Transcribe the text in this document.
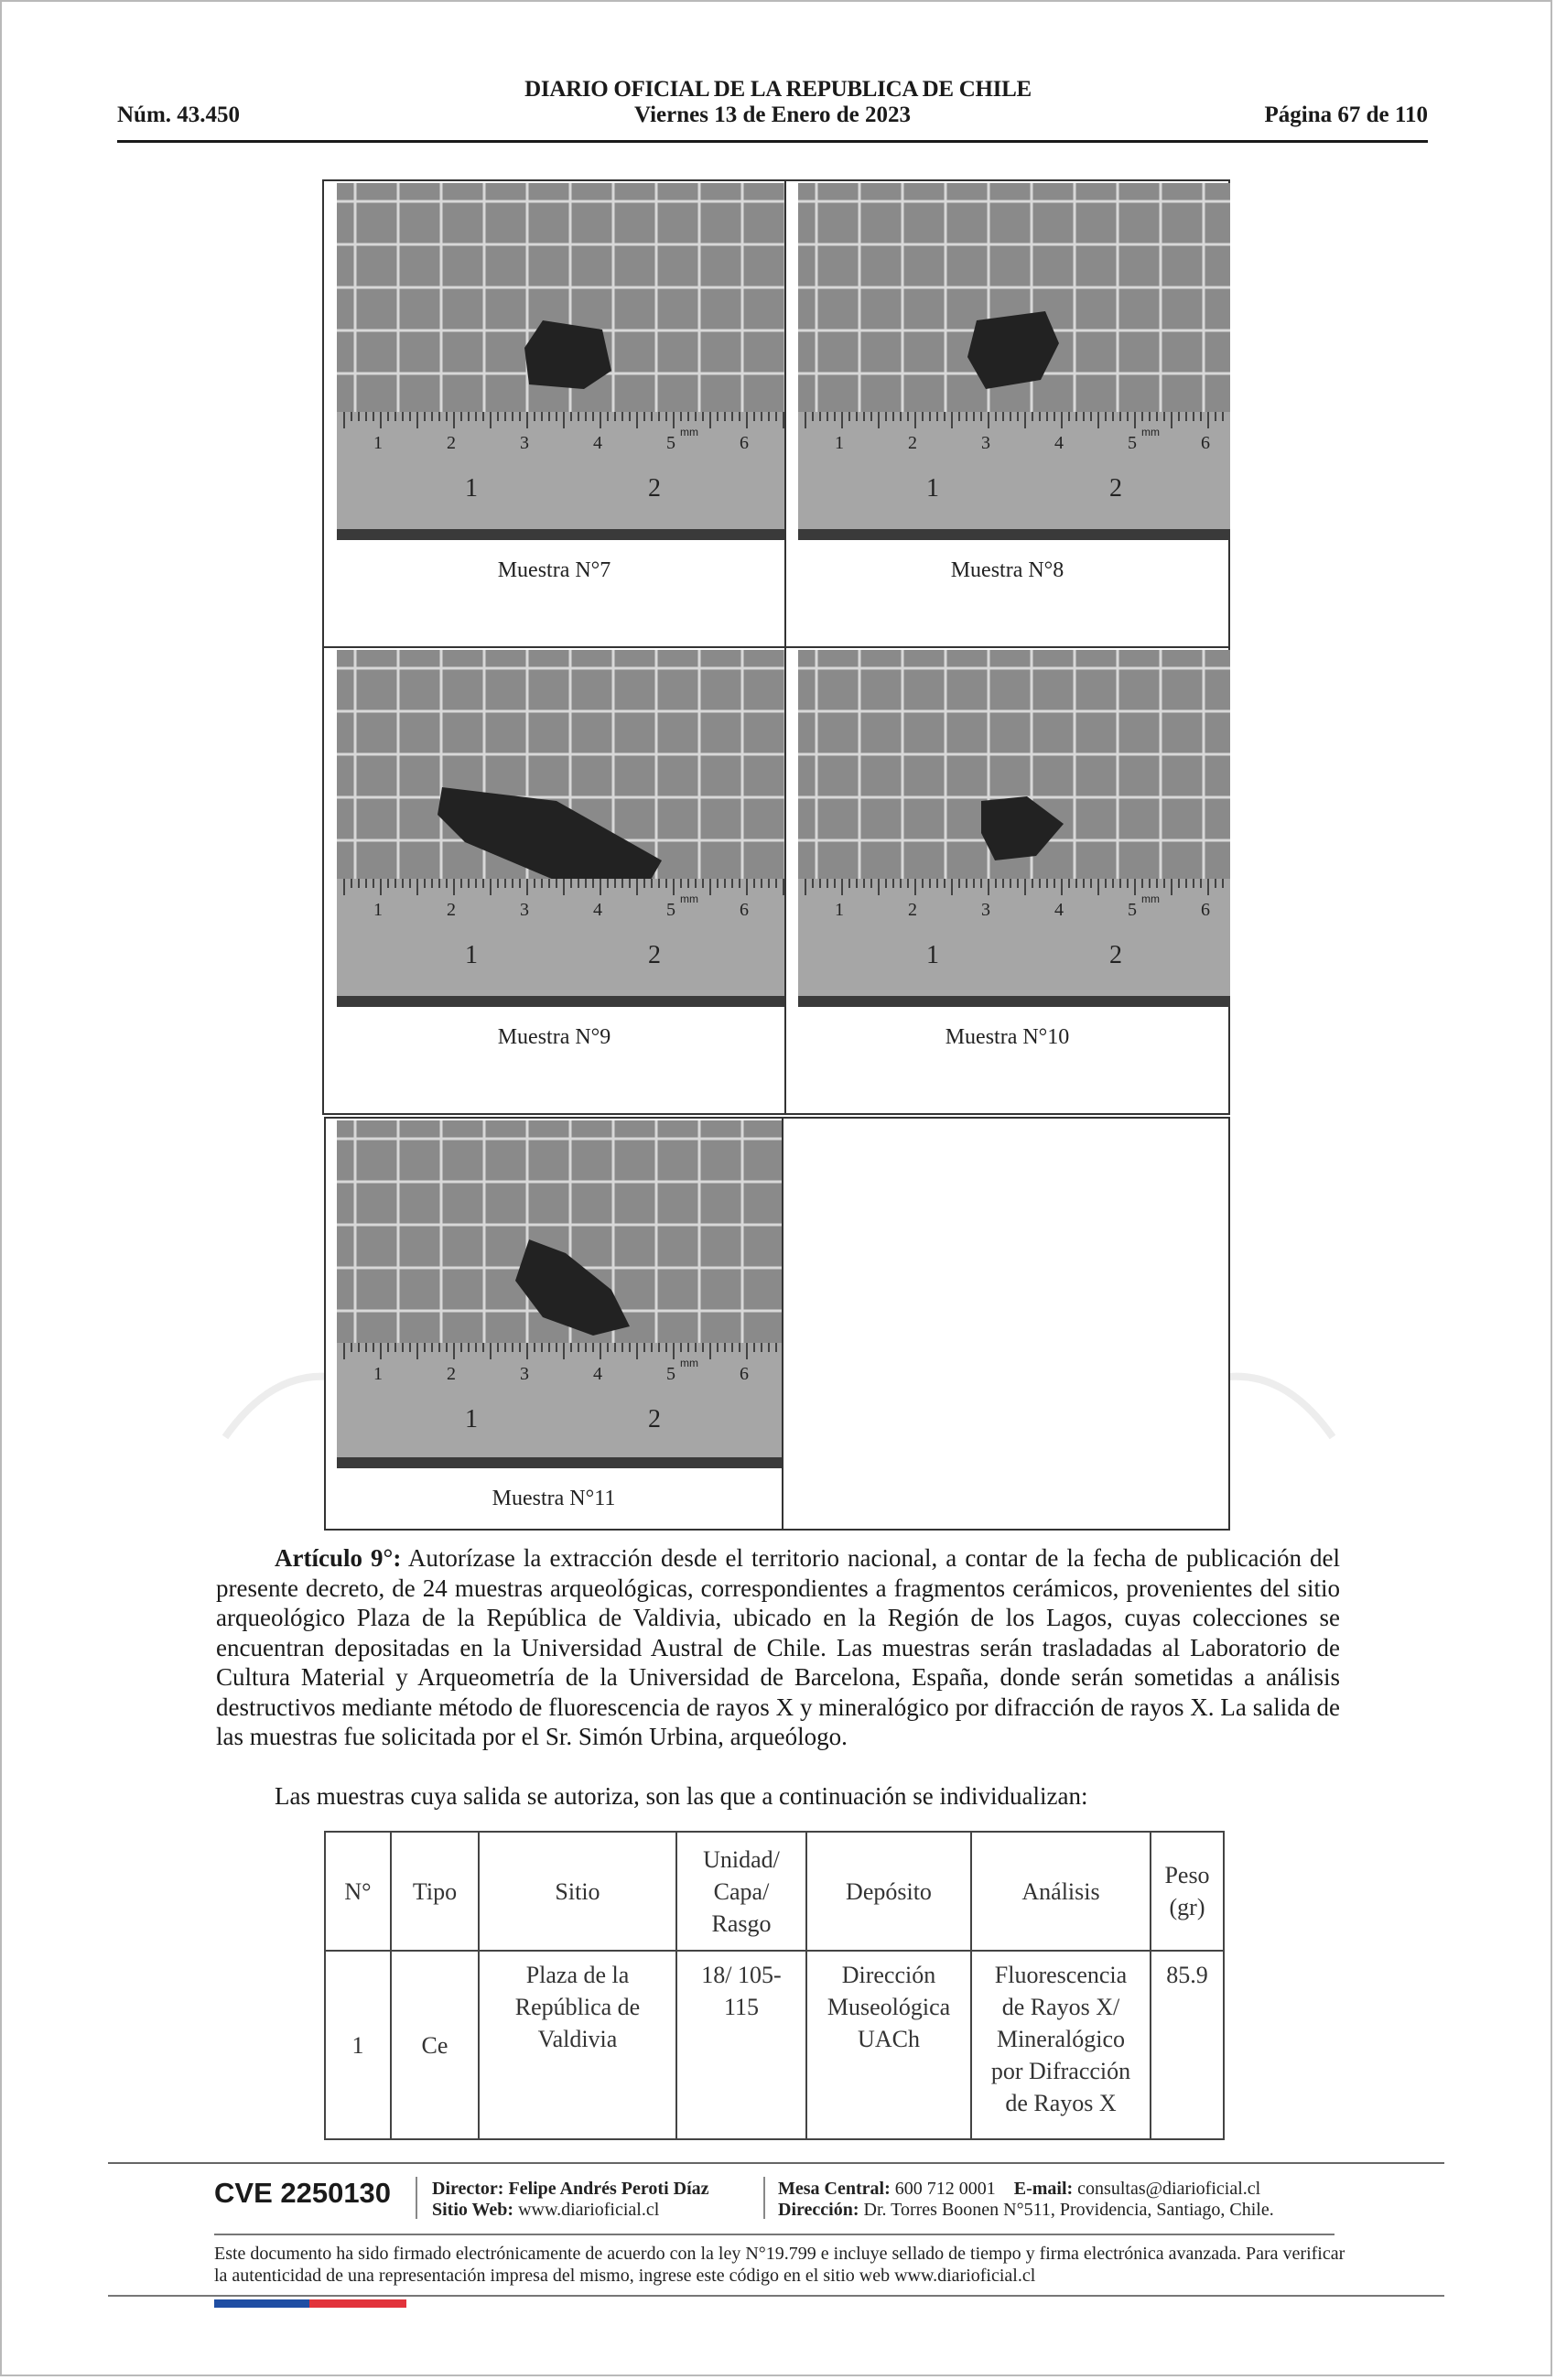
DIARIO OFICIAL DE LA REPUBLICA DE CHILE
Núm. 43.450	Viernes 13 de Enero de 2023	Página 67 de 110
1	2	3	4	5	6
mm
1	2
Muestra N°7
1	2	3	4	5	6
mm
1	2
Muestra N°8
1	2	3	4	5	6
mm
1	2
Muestra N°9
1	2	3	4	5	6
mm
1	2
Muestra N°10
1	2	3	4	5	6
mm
1	2
Muestra N°11

Artículo 9°: Autorízase la extracción desde el territorio nacional, a contar de la fecha de publicación del presente decreto, de 24 muestras arqueológicas, correspondientes a fragmentos cerámicos, provenientes del sitio arqueológico Plaza de la República de Valdivia, ubicado en la Región de los Lagos, cuyas colecciones se encuentran depositadas en la Universidad Austral de Chile. Las muestras serán trasladadas al Laboratorio de Cultura Material y Arqueometría de la Universidad de Barcelona, España, donde serán sometidas a análisis destructivos mediante método de fluorescencia de rayos X y mineralógico por difracción de rayos X. La salida de las muestras fue solicitada por el Sr. Simón Urbina, arqueólogo.

Las muestras cuya salida se autoriza, son las que a continuación se individualizan:

N°	Tipo	Sitio	Unidad/ Capa/ Rasgo	Depósito	Análisis	Peso (gr)
1	Ce	Plaza de la República de Valdivia	18/ 105-115	Dirección Museológica UACh	Fluorescencia de Rayos X/ Mineralógico por Difracción de Rayos X	85.9
CVE 2250130 Director: Felipe Andrés Peroti Díaz
Sitio Web: www.diarioficial.cl
Mesa Central: 600 712 0001 E-mail: consultas@diarioficial.cl
Dirección: Dr. Torres Boonen N°511, Providencia, Santiago, Chile.
Este documento ha sido firmado electrónicamente de acuerdo con la ley N°19.799 e incluye sellado de tiempo y firma electrónica avanzada. Para verificar la autenticidad de una representación impresa del mismo, ingrese este código en el sitio web www.diarioficial.cl
